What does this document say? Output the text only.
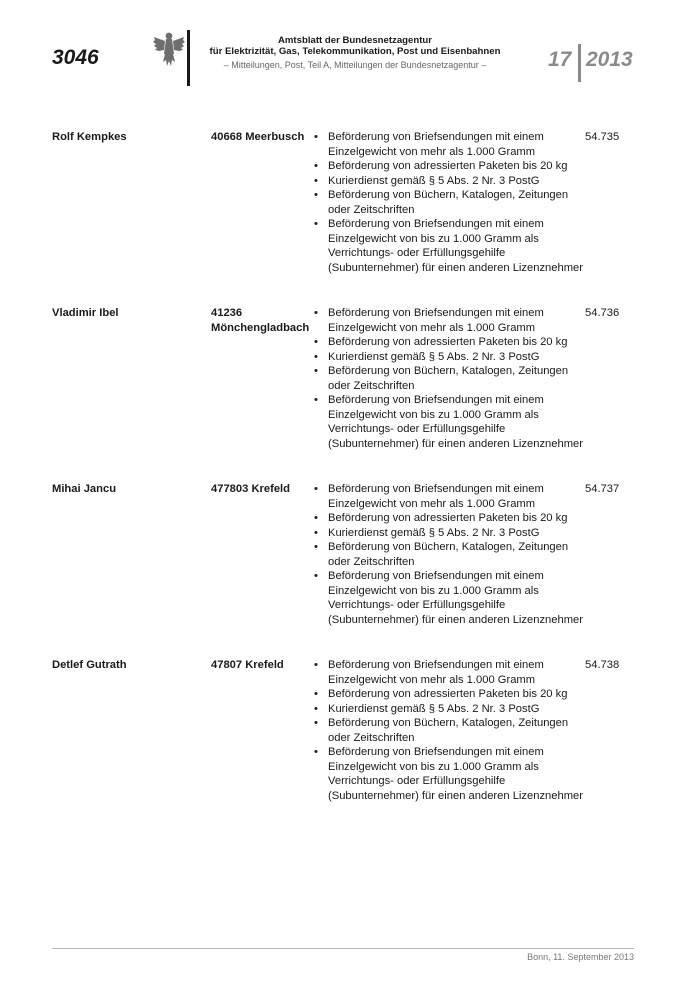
3046
Amtsblatt der Bundesnetzagentur
für Elektrizität, Gas, Telekommunikation, Post und Eisenbahnen
– Mitteilungen, Post, Teil A, Mitteilungen der Bundesnetzagentur –	17 2013
Rolf Kempkes	40668 Meerbusch	• Beförderung von Briefsendungen mit einem Einzelgewicht von mehr als 1.000 Gramm
• Beförderung von adressierten Paketen bis 20 kg
• Kurierdienst gemäß § 5 Abs. 2 Nr. 3 PostG
• Beförderung von Büchern, Katalogen, Zeitungen oder Zeitschriften
• Beförderung von Briefsendungen mit einem Einzelgewicht von bis zu 1.000 Gramm als Verrichtungs- oder Erfüllungsgehilfe (Subunternehmer) für einen anderen Lizenznehmer
54.735
Vladimir Ibel	41236 Mönchengladbach
• Beförderung von Briefsendungen mit einem Einzelgewicht von mehr als 1.000 Gramm
• Beförderung von adressierten Paketen bis 20 kg
• Kurierdienst gemäß § 5 Abs. 2 Nr. 3 PostG
• Beförderung von Büchern, Katalogen, Zeitungen oder Zeitschriften
• Beförderung von Briefsendungen mit einem Einzelgewicht von bis zu 1.000 Gramm als Verrichtungs- oder Erfüllungsgehilfe (Subunternehmer) für einen anderen Lizenznehmer
54.736
Mihai Jancu	477803 Krefeld	• Beförderung von Briefsendungen mit einem Einzelgewicht von mehr als 1.000 Gramm
• Beförderung von adressierten Paketen bis 20 kg
• Kurierdienst gemäß § 5 Abs. 2 Nr. 3 PostG
• Beförderung von Büchern, Katalogen, Zeitungen oder Zeitschriften
• Beförderung von Briefsendungen mit einem Einzelgewicht von bis zu 1.000 Gramm als Verrichtungs- oder Erfüllungsgehilfe (Subunternehmer) für einen anderen Lizenznehmer
54.737
Detlef Gutrath	47807 Krefeld	• Beförderung von Briefsendungen mit einem Einzelgewicht von mehr als 1.000 Gramm
• Beförderung von adressierten Paketen bis 20 kg
• Kurierdienst gemäß § 5 Abs. 2 Nr. 3 PostG
• Beförderung von Büchern, Katalogen, Zeitungen oder Zeitschriften
• Beförderung von Briefsendungen mit einem Einzelgewicht von bis zu 1.000 Gramm als Verrichtungs- oder Erfüllungsgehilfe (Subunternehmer) für einen anderen Lizenznehmer
54.738
Bonn, 11. September 2013
